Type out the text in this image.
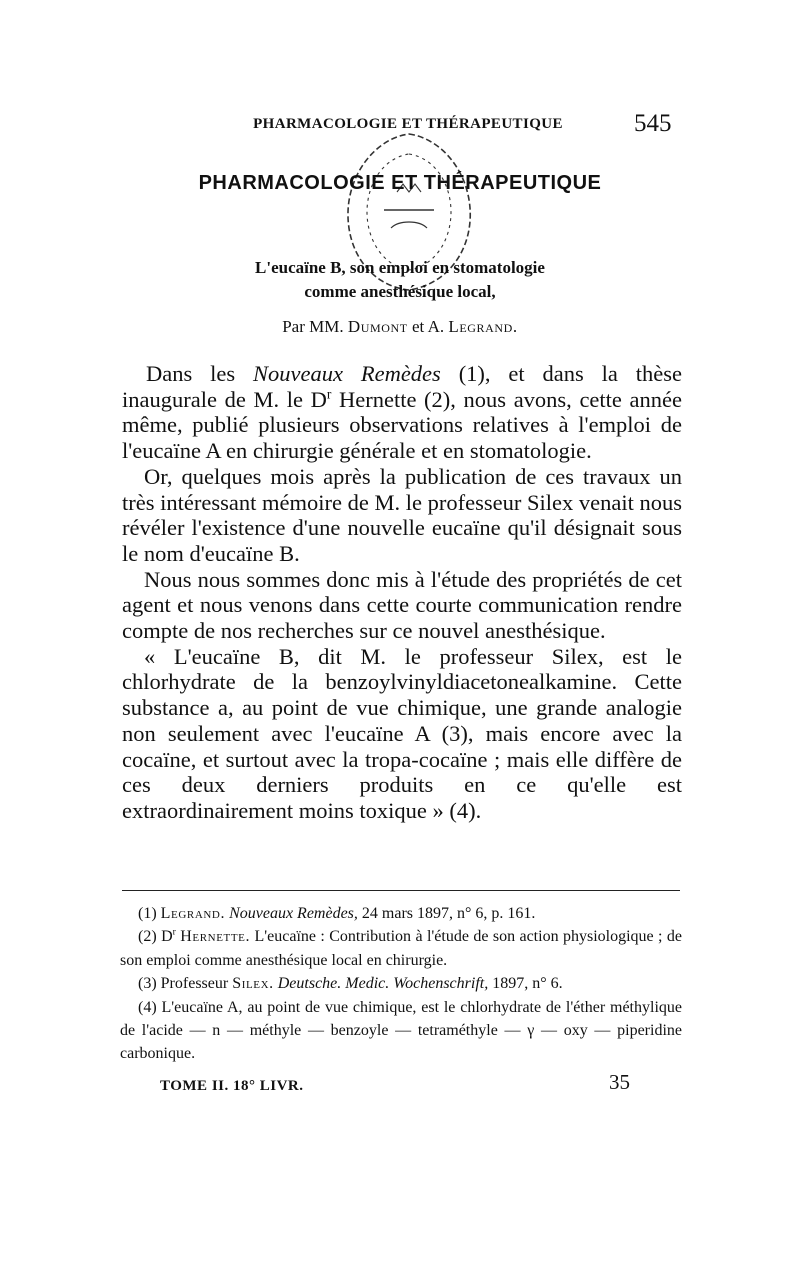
PHARMACOLOGIE ET THÉRAPEUTIQUE	545
PHARMACOLOGIE ET THÉRAPEUTIQUE
L'eucaïne B, son emploi en stomatologie
comme anesthésique local,
Par MM. Dumont et A. Legrand.

Dans les Nouveaux Remèdes (1), et dans la thèse inaugurale de M. le $D^r$ Hernette (2), nous avons, cette année même, publié plusieurs observations relatives à l'emploi de l'eucaïne A en chirurgie générale et en stomatologie.

Or, quelques mois après la publication de ces travaux un très intéressant mémoire de M. le professeur Silex venait nous révéler l'existence d'une nouvelle eucaïne qu'il désignait sous le nom d'eucaïne B.

Nous nous sommes donc mis à l'étude des propriétés de cet agent et nous venons dans cette courte communication rendre compte de nos recherches sur ce nouvel anesthésique.

« L'eucaïne B, dit M. le professeur Silex, est le chlorhydrate de la benzoylvinyldiacetonealkamine. Cette substance a, au point de vue chimique, une grande analogie non seulement avec l'eucaïne A (3), mais encore avec la cocaïne, et surtout avec la tropa-cocaïne ; mais elle diffère de ces deux derniers produits en ce qu'elle est extraordinairement moins toxique » (4).

(1) Legrand. Nouveaux Remèdes, 24 mars 1897, n° 6, p. 161.

(2) $D^r$ Hernette. L'eucaïne : Contribution à l'étude de son action physiologique ; de son emploi comme anesthésique local en chirurgie.

(3) Professeur Silex. Deutsche. Medic. Wochenschrift, 1897, n° 6.

(4) L'eucaïne A, au point de vue chimique, est le chlorhydrate de l'éther méthylique de l'acide — n — méthyle — benzoyle — tetraméthyle — γ — oxy — piperidine carbonique.

TOME II. 18° LIVR.	35
